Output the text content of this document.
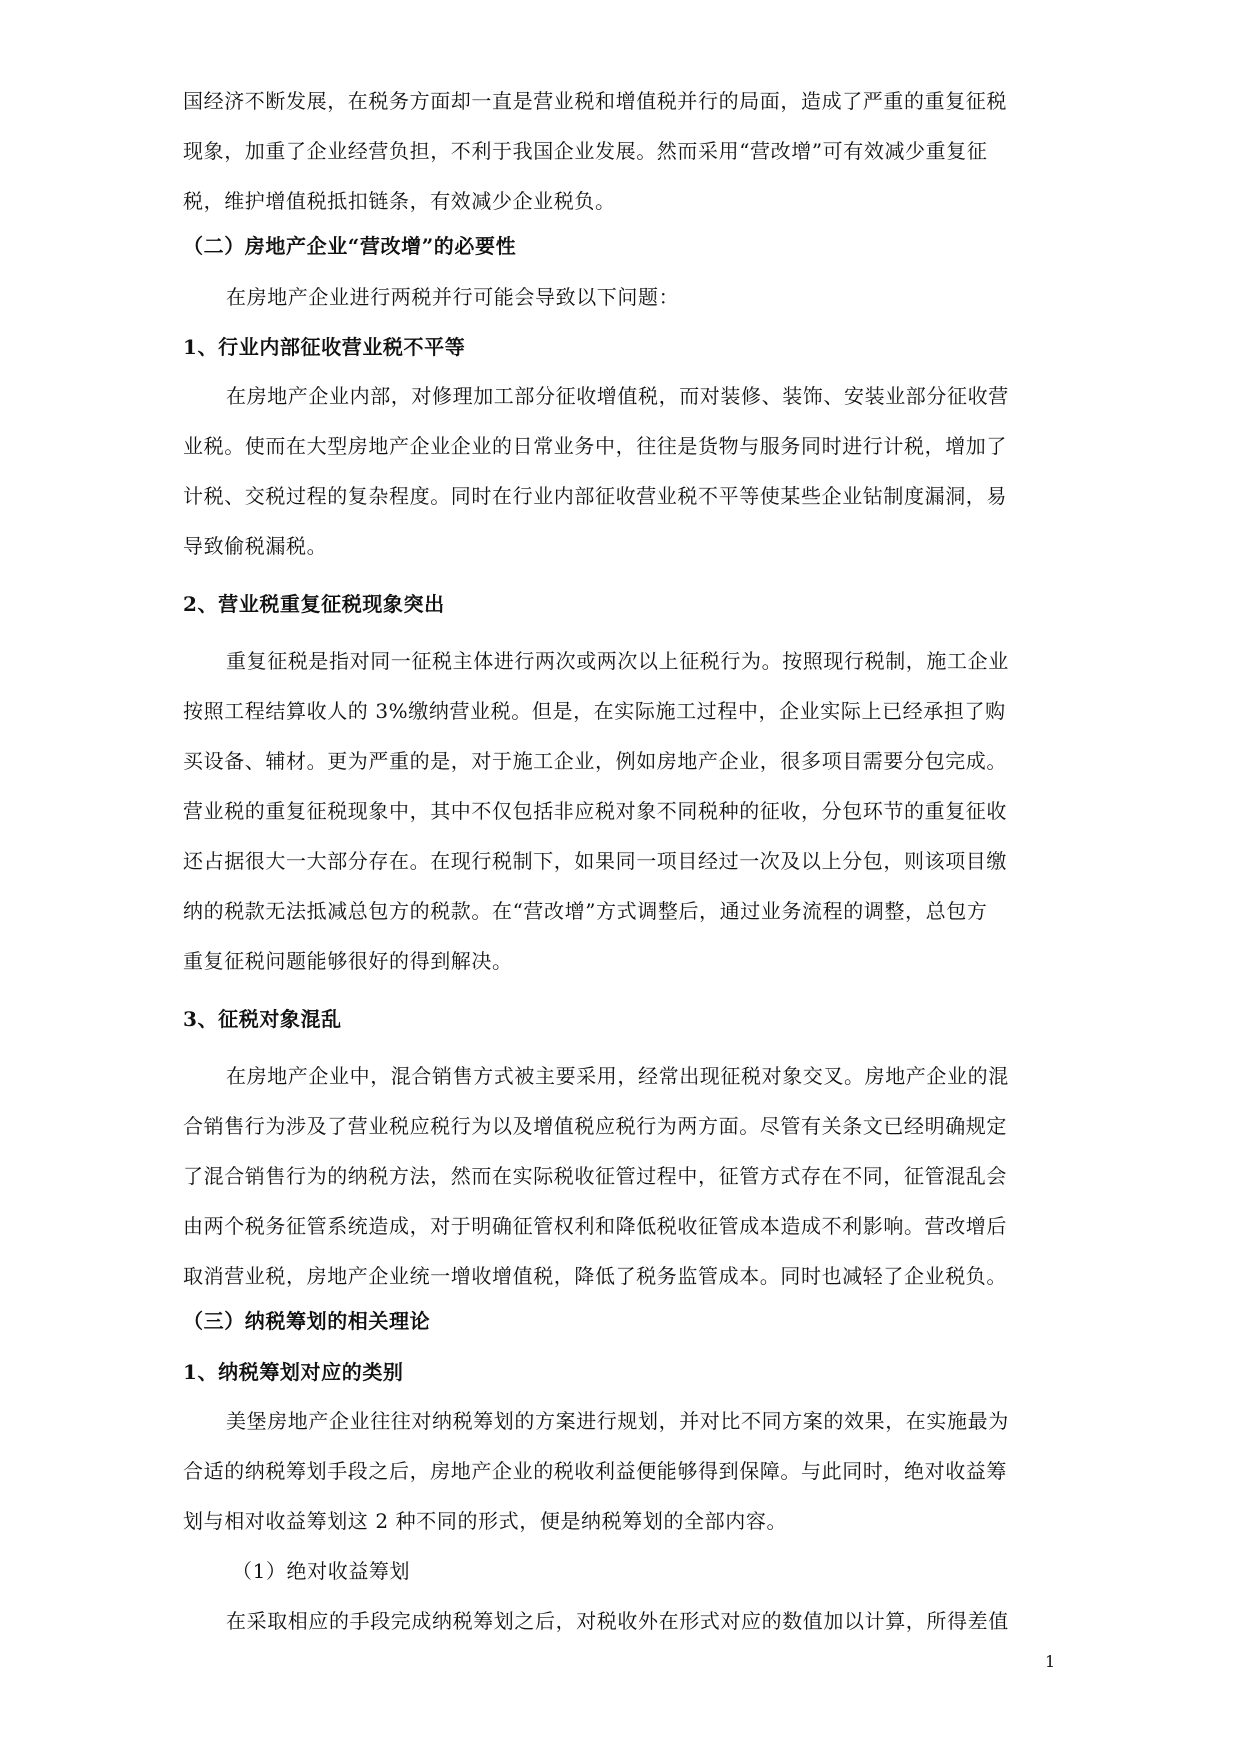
国经济不断发展，在税务方面却一直是营业税和增值税并行的局面，造成了严重的重复征税
现象，加重了企业经营负担，不利于我国企业发展。然而采用“营改增”可有效减少重复征
税，维护增值税抵扣链条，有效减少企业税负。
（二）房地产企业“营改增”的必要性
在房地产企业进行两税并行可能会导致以下问题：
1、行业内部征收营业税不平等
在房地产企业内部，对修理加工部分征收增值税，而对装修、装饰、安装业部分征收营
业税。使而在大型房地产企业企业的日常业务中，往往是货物与服务同时进行计税，增加了
计税、交税过程的复杂程度。同时在行业内部征收营业税不平等使某些企业钻制度漏洞，易
导致偷税漏税。
2、营业税重复征税现象突出
重复征税是指对同一征税主体进行两次或两次以上征税行为。按照现行税制，施工企业
按照工程结算收人的 3%缴纳营业税。但是，在实际施工过程中，企业实际上已经承担了购
买设备、辅材。更为严重的是，对于施工企业，例如房地产企业，很多项目需要分包完成。
营业税的重复征税现象中，其中不仅包括非应税对象不同税种的征收，分包环节的重复征收
还占据很大一大部分存在。在现行税制下，如果同一项目经过一次及以上分包，则该项目缴
纳的税款无法抵减总包方的税款。在“营改增”方式调整后，通过业务流程的调整，总包方
重复征税问题能够很好的得到解决。
3、征税对象混乱
在房地产企业中，混合销售方式被主要采用，经常出现征税对象交叉。房地产企业的混
合销售行为涉及了营业税应税行为以及增值税应税行为两方面。尽管有关条文已经明确规定
了混合销售行为的纳税方法，然而在实际税收征管过程中，征管方式存在不同，征管混乱会
由两个税务征管系统造成，对于明确征管权利和降低税收征管成本造成不利影响。营改增后
取消营业税，房地产企业统一增收增值税，降低了税务监管成本。同时也减轻了企业税负。
（三）纳税筹划的相关理论
1、纳税筹划对应的类别
美堡房地产企业往往对纳税筹划的方案进行规划，并对比不同方案的效果，在实施最为
合适的纳税筹划手段之后，房地产企业的税收利益便能够得到保障。与此同时，绝对收益筹
划与相对收益筹划这 2 种不同的形式，便是纳税筹划的全部内容。
（1）绝对收益筹划
在采取相应的手段完成纳税筹划之后，对税收外在形式对应的数值加以计算，所得差值
1
